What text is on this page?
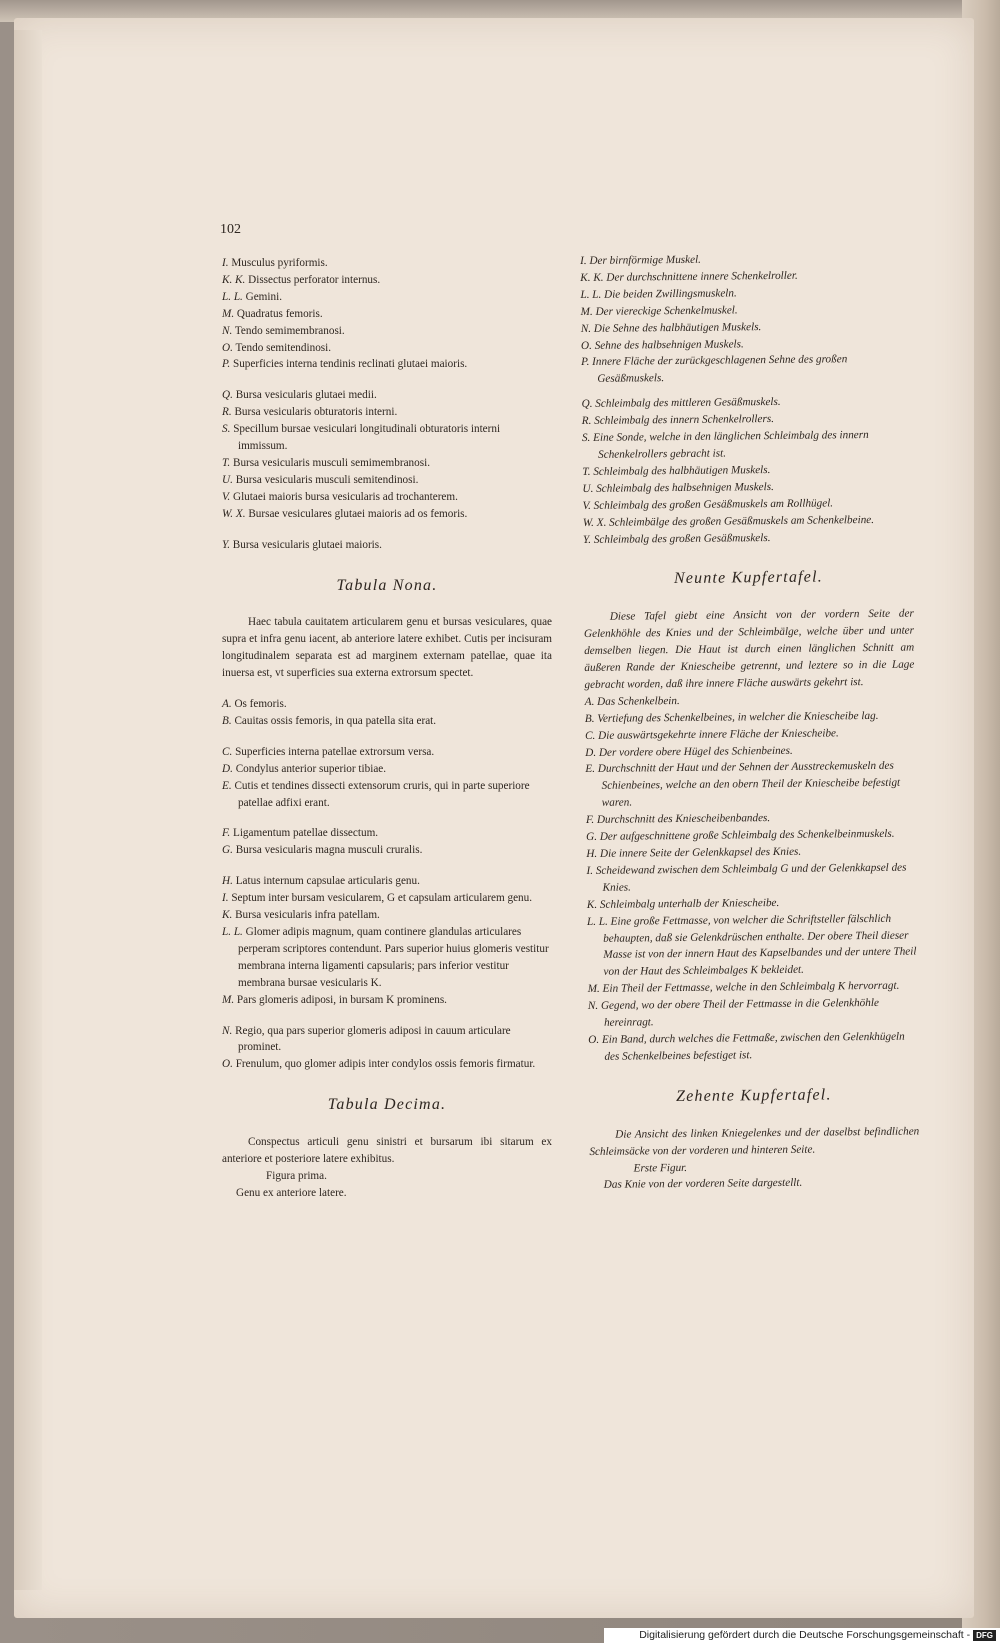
102
I. Musculus pyriformis.
K. K. Dissectus perforator internus.
L. L. Gemini.
M. Quadratus femoris.
N. Tendo semimembranosi.
O. Tendo semitendinosi.
P. Superficies interna tendinis reclinati glutaei maioris.
Q. Bursa vesicularis glutaei medii.
R. Bursa vesicularis obturatoris interni.
S. Specillum bursae vesiculari longitudinali obturatoris interni immissum.
T. Bursa vesicularis musculi semimembranosi.
U. Bursa vesicularis musculi semitendinosi.
V. Glutaei maioris bursa vesicularis ad trochanterem.
W. X. Bursae vesiculares glutaei maioris ad os femoris.
Y. Bursa vesicularis glutaei maioris.
Tabula Nona.

Haec tabula cauitatem articularem genu et bursas vesiculares, quae supra et infra genu iacent, ab anteriore latere exhibet. Cutis per incisuram longitudinalem separata est ad marginem externam patellae, quae ita inuersa est, vt superficies sua externa extrorsum spectet.

A. Os femoris.
B. Cauitas ossis femoris, in qua patella sita erat.
C. Superficies interna patellae extrorsum versa.
D. Condylus anterior superior tibiae.
E. Cutis et tendines dissecti extensorum cruris, qui in parte superiore patellae adfixi erant.
F. Ligamentum patellae dissectum.
G. Bursa vesicularis magna musculi cruralis.
H. Latus internum capsulae articularis genu.
I. Septum inter bursam vesicularem, G et capsulam articularem genu.
K. Bursa vesicularis infra patellam.
L. L. Glomer adipis magnum, quam continere glandulas articulares perperam scriptores contendunt. Pars superior huius glomeris vestitur membrana interna ligamenti capsularis; pars inferior vestitur membrana bursae vesicularis K.
M. Pars glomeris adiposi, in bursam K prominens.
N. Regio, qua pars superior glomeris adiposi in cauum articulare prominet.
O. Frenulum, quo glomer adipis inter condylos ossis femoris firmatur.
Tabula Decima.

Conspectus articuli genu sinistri et bursarum ibi sitarum ex anteriore et posteriore latere exhibitus.

Figura prima.

Genu ex anteriore latere.

I. Der birnförmige Muskel.
K. K. Der durchschnittene innere Schenkelroller.
L. L. Die beiden Zwillingsmuskeln.
M. Der viereckige Schenkelmuskel.
N. Die Sehne des halbhäutigen Muskels.
O. Sehne des halbsehnigen Muskels.
P. Innere Fläche der zurückgeschlagenen Sehne des großen Gesäßmuskels.
Q. Schleimbalg des mittleren Gesäßmuskels.
R. Schleimbalg des innern Schenkelrollers.
S. Eine Sonde, welche in den länglichen Schleimbalg des innern Schenkelrollers gebracht ist.
T. Schleimbalg des halbhäutigen Muskels.
U. Schleimbalg des halbsehnigen Muskels.
V. Schleimbalg des großen Gesäßmuskels am Rollhügel.
W. X. Schleimbälge des großen Gesäßmuskels am Schenkelbeine.
Y. Schleimbalg des großen Gesäßmuskels.
Neunte Kupfertafel.

Diese Tafel giebt eine Ansicht von der vordern Seite der Gelenkhöhle des Knies und der Schleimbälge, welche über und unter demselben liegen. Die Haut ist durch einen länglichen Schnitt am äußeren Rande der Kniescheibe getrennt, und leztere so in die Lage gebracht worden, daß ihre innere Fläche auswärts gekehrt ist.

A. Das Schenkelbein.
B. Vertiefung des Schenkelbeines, in welcher die Kniescheibe lag.
C. Die auswärtsgekehrte innere Fläche der Kniescheibe.
D. Der vordere obere Hügel des Schienbeines.
E. Durchschnitt der Haut und der Sehnen der Ausstreckemuskeln des Schienbeines, welche an den obern Theil der Kniescheibe befestigt waren.
F. Durchschnitt des Kniescheibenbandes.
G. Der aufgeschnittene große Schleimbalg des Schenkelbeinmuskels.
H. Die innere Seite der Gelenkkapsel des Knies.
I. Scheidewand zwischen dem Schleimbalg G und der Gelenkkapsel des Knies.
K. Schleimbalg unterhalb der Kniescheibe.
L. L. Eine große Fettmasse, von welcher die Schriftsteller fälschlich behaupten, daß sie Gelenkdrüschen enthalte. Der obere Theil dieser Masse ist von der innern Haut des Kapselbandes und der untere Theil von der Haut des Schleimbalges K bekleidet.
M. Ein Theil der Fettmasse, welche in den Schleimbalg K hervorragt.
N. Gegend, wo der obere Theil der Fettmasse in die Gelenkhöhle hereinragt.
O. Ein Band, durch welches die Fettmaße, zwischen den Gelenkhügeln des Schenkelbeines befestiget ist.
Zehente Kupfertafel.

Die Ansicht des linken Kniegelenkes und der daselbst befindlichen Schleimsäcke von der vorderen und hinteren Seite.

Erste Figur.

Das Knie von der vorderen Seite dargestellt.

Digitalisierung gefördert durch die Deutsche Forschungsgemeinschaft - DFG
